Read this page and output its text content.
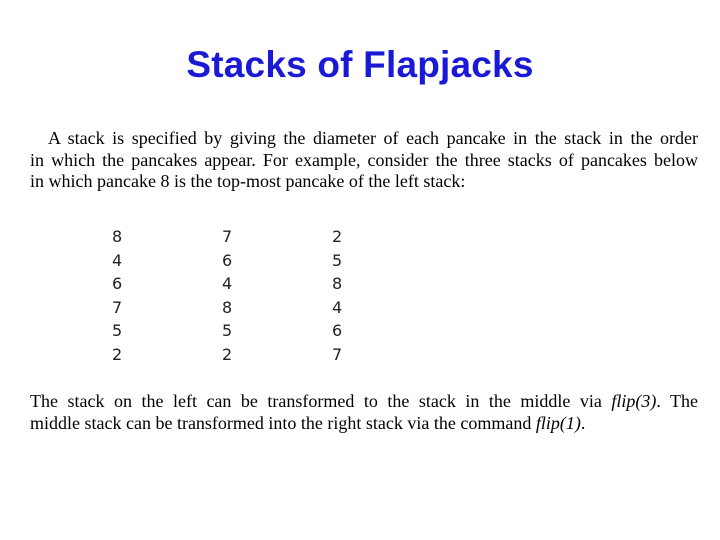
Stacks of Flapjacks
A stack is specified by giving the diameter of each pancake in the stack in the order
in which the pancakes appear. For example, consider the three stacks of pancakes below
in which pancake 8 is the top-most pancake of the left stack:
8
4
6
7
5
2
7
6
4
8
5
2
2
5
8
4
6
7
The stack on the left can be transformed to the stack in the middle via flip(3). The
middle stack can be transformed into the right stack via the command flip(1).
